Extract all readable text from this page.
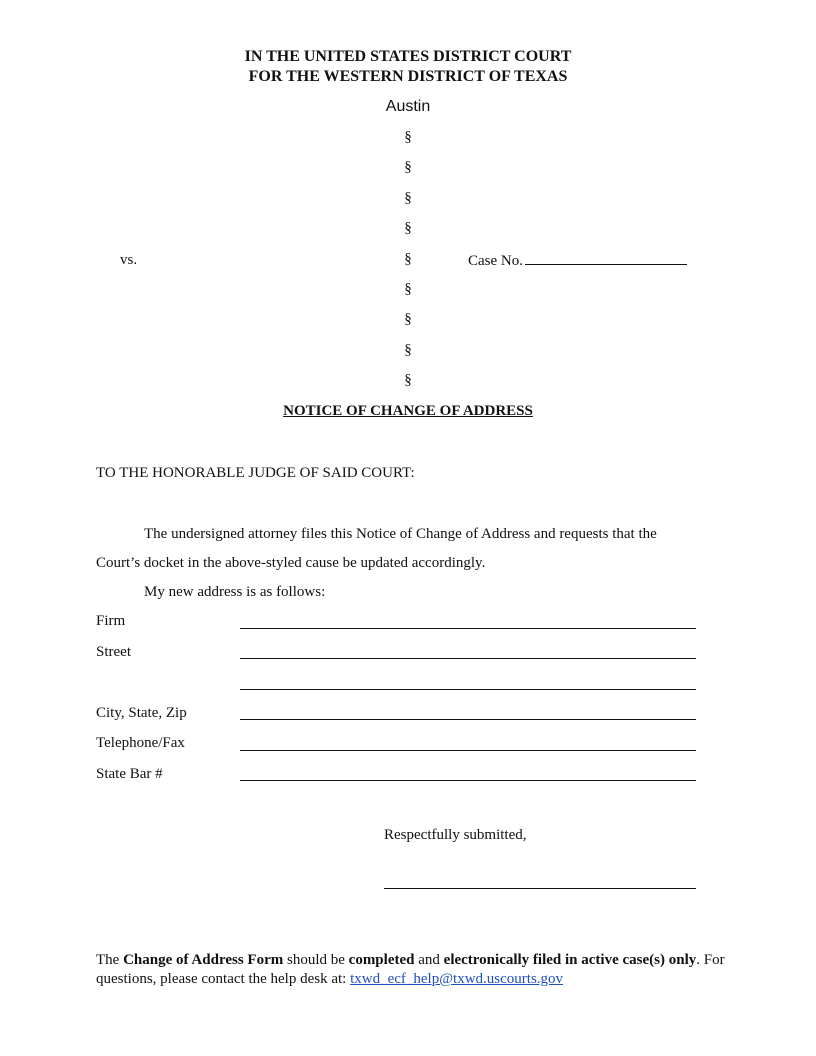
IN THE UNITED STATES DISTRICT COURT
FOR THE WESTERN DISTRICT OF TEXAS
Austin
§
§
§
§
§
§
§
§
§
vs.	Case No.
NOTICE OF CHANGE OF ADDRESS
TO THE HONORABLE JUDGE OF SAID COURT:
The undersigned attorney files this Notice of Change of Address and requests that the
Court’s docket in the above-styled cause be updated accordingly.
My new address is as follows:
Firm
Street
City, State, Zip
Telephone/Fax
State Bar #
Respectfully submitted,
The Change of Address Form should be completed and electronically filed in active case(s) only. For questions, please contact the help desk at: txwd_ecf_help@txwd.uscourts.gov
